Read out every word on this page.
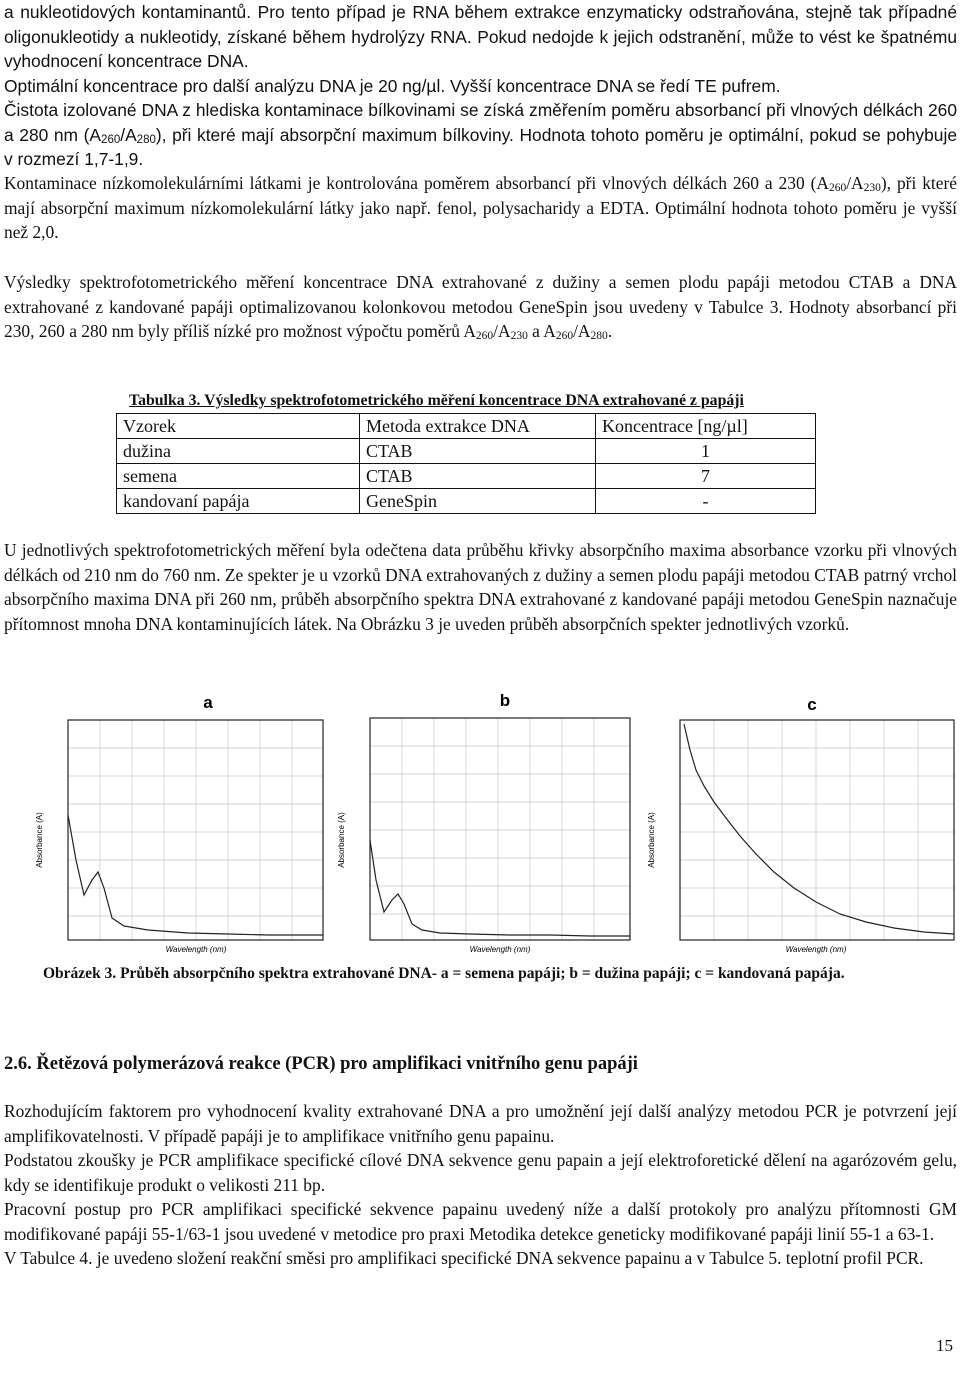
a nukleotidových kontaminantů. Pro tento případ je RNA během extrakce enzymaticky odstraňována, stejně tak případné oligonukleotidy a nukleotidy, získané během hydrolýzy RNA. Pokud nedojde k jejich odstranění, může to vést ke špatnému vyhodnocení koncentrace DNA.

Optimální koncentrace pro další analýzu DNA je 20 ng/µl. Vyšší koncentrace DNA se ředí TE pufrem.

Čistota izolované DNA z hlediska kontaminace bílkovinami se získá změřením poměru absorbancí při vlnových délkách 260 a 280 nm (A260/A280), při které mají absorpční maximum bílkoviny. Hodnota tohoto poměru je optimální, pokud se pohybuje v rozmezí 1,7-1,9.

Kontaminace nízkomolekulárními látkami je kontrolována poměrem absorbancí při vlnových délkách 260 a 230 (A260/A230), při které mají absorpční maximum nízkomolekulární látky jako např. fenol, polysacharidy a EDTA. Optimální hodnota tohoto poměru je vyšší než 2,0.

Výsledky spektrofotometrického měření koncentrace DNA extrahované z dužiny a semen plodu papáji metodou CTAB a DNA extrahované z kandované papáji optimalizovanou kolonkovou metodou GeneSpin jsou uvedeny v Tabulce 3. Hodnoty absorbancí při 230, 260 a 280 nm byly příliš nízké pro možnost výpočtu poměrů A260/A230 a A260/A280.

Tabulka 3. Výsledky spektrofotometrického měření koncentrace DNA extrahované z papáji
Vzorek	Metoda extrakce DNA	Koncentrace [ng/µl]
dužina	CTAB	1
semena	CTAB	7
kandovaní papája	GeneSpin	-

U jednotlivých spektrofotometrických měření byla odečtena data průběhu křivky absorpčního maxima absorbance vzorku při vlnových délkách od 210 nm do 760 nm. Ze spekter je u vzorků DNA extrahovaných z dužiny a semen plodu papáji metodou CTAB patrný vrchol absorpčního maxima DNA při 260 nm, průběh absorpčního spektra DNA extrahované z kandované papáji metodou GeneSpin naznačuje přítomnost mnoha DNA kontaminujících látek. Na Obrázku 3 je uveden průběh absorpčních spekter jednotlivých vzorků.

a
Absorbance (A)
Wavelength (nm)
b
Absorbance (A)
Wavelength (nm)
c
Absorbance (A)
Wavelength (nm)
Obrázek 3. Průběh absorpčního spektra extrahované DNA- a = semena papáji; b = dužina papáji; c = kandovaná papája.
2.6. Řetězová polymerázová reakce (PCR) pro amplifikaci vnitřního genu papáji

Rozhodujícím faktorem pro vyhodnocení kvality extrahované DNA a pro umožnění její další analýzy metodou PCR je potvrzení její amplifikovatelnosti. V případě papáji je to amplifikace vnitřního genu papainu.

Podstatou zkoušky je PCR amplifikace specifické cílové DNA sekvence genu papain a její elektroforetické dělení na agarózovém gelu, kdy se identifikuje produkt o velikosti 211 bp.

Pracovní postup pro PCR amplifikaci specifické sekvence papainu uvedený níže a další protokoly pro analýzu přítomnosti GM modifikované papáji 55-1/63-1 jsou uvedené v metodice pro praxi Metodika detekce geneticky modifikované papáji linií 55-1 a 63-1.

V Tabulce 4. je uvedeno složení reakční směsi pro amplifikaci specifické DNA sekvence papainu a v Tabulce 5. teplotní profil PCR.

15
